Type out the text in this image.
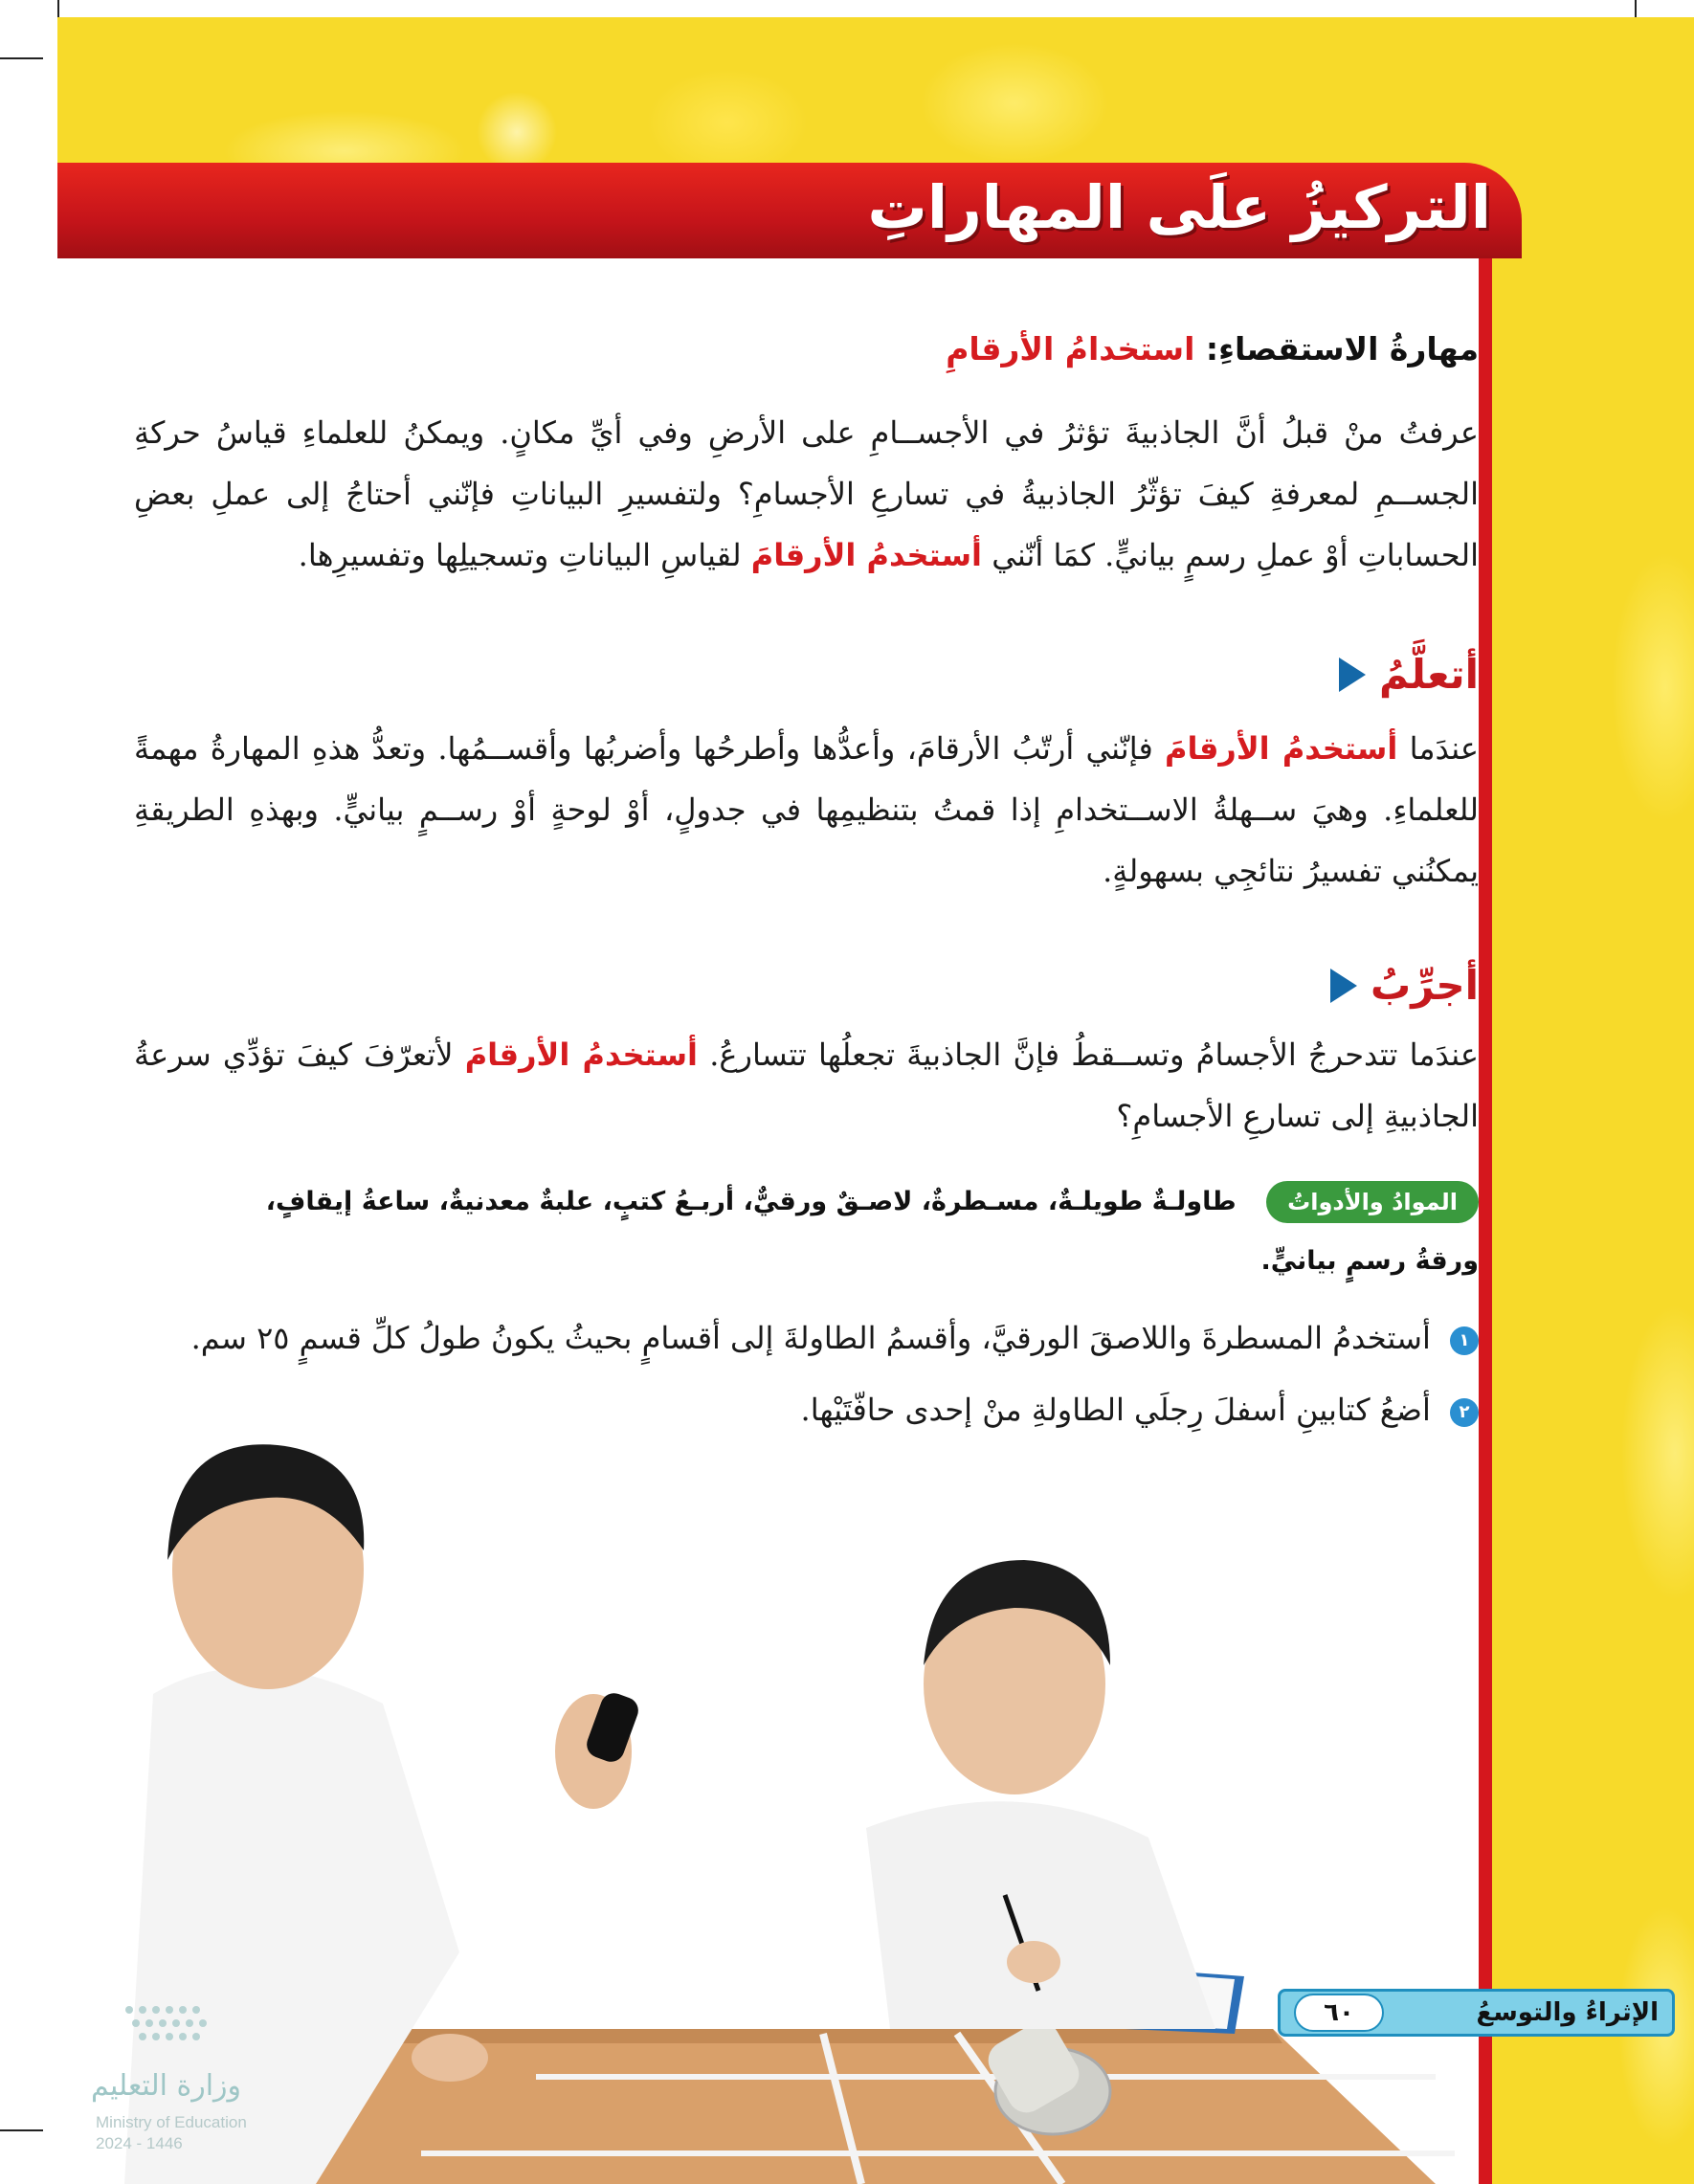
التركيزُ علَى المهاراتِ

مهارةُ الاستقصاءِ: استخدامُ الأرقامِ

عرفتُ منْ قبلُ أنَّ الجاذبيةَ تؤثرُ في الأجســامِ على الأرضِ وفي أيِّ مكانٍ. ويمكنُ للعلماءِ قياسُ حركةِ الجســمِ لمعرفةِ كيفَ تؤثّرُ الجاذبيةُ في تسارعِ الأجسامِ؟ ولتفسيرِ البياناتِ فإنّني أحتاجُ إلى عملِ بعضِ الحساباتِ أوْ عملِ رسمٍ بيانيٍّ. كمَا أنّني أستخدمُ الأرقامَ لقياسِ البياناتِ وتسجيلِها وتفسيرِها.

أتعلَّمُ

عندَما أستخدمُ الأرقامَ فإنّني أرتّبُ الأرقامَ، وأعدُّها وأطرحُها وأضربُها وأقســمُها. وتعدُّ هذهِ المهارةُ مهمةً للعلماءِ. وهيَ ســهلةُ الاســتخدامِ إذا قمتُ بتنظيمِها في جدولٍ، أوْ لوحةٍ أوْ رســمٍ بيانيٍّ. وبهذهِ الطريقةِ يمكنُني تفسيرُ نتائجِي بسهولةٍ.

أجرِّبُ

عندَما تتدحرجُ الأجسامُ وتســقطُ فإنَّ الجاذبيةَ تجعلُها تتسارعُ. أستخدمُ الأرقامَ لأتعرّفَ كيفَ تؤدِّي سرعةُ الجاذبيةِ إلى تسارعِ الأجسامِ؟

الموادُ والأدواتُ طاولـةٌ طويلـةٌ، مسـطرةٌ، لاصـقٌ ورقيٌّ، أربـعُ كتبٍ، علبةٌ معدنيةٌ، ساعةُ إيقافٍ، ورقةُ رسمٍ بيانيٍّ.

١ أستخدمُ المسطرةَ واللاصقَ الورقيَّ، وأقسمُ الطاولةَ إلى أقسامٍ بحيثُ يكونُ طولُ كلِّ قسمٍ ٢٥ سم.

٢ أضعُ كتابينِ أسفلَ رِجلَي الطاولةِ منْ إحدى حافّتَيْها.

الإثراءُ والتوسعُ
٦٠
وزارة التعليم
Ministry of Education
2024 - 1446
